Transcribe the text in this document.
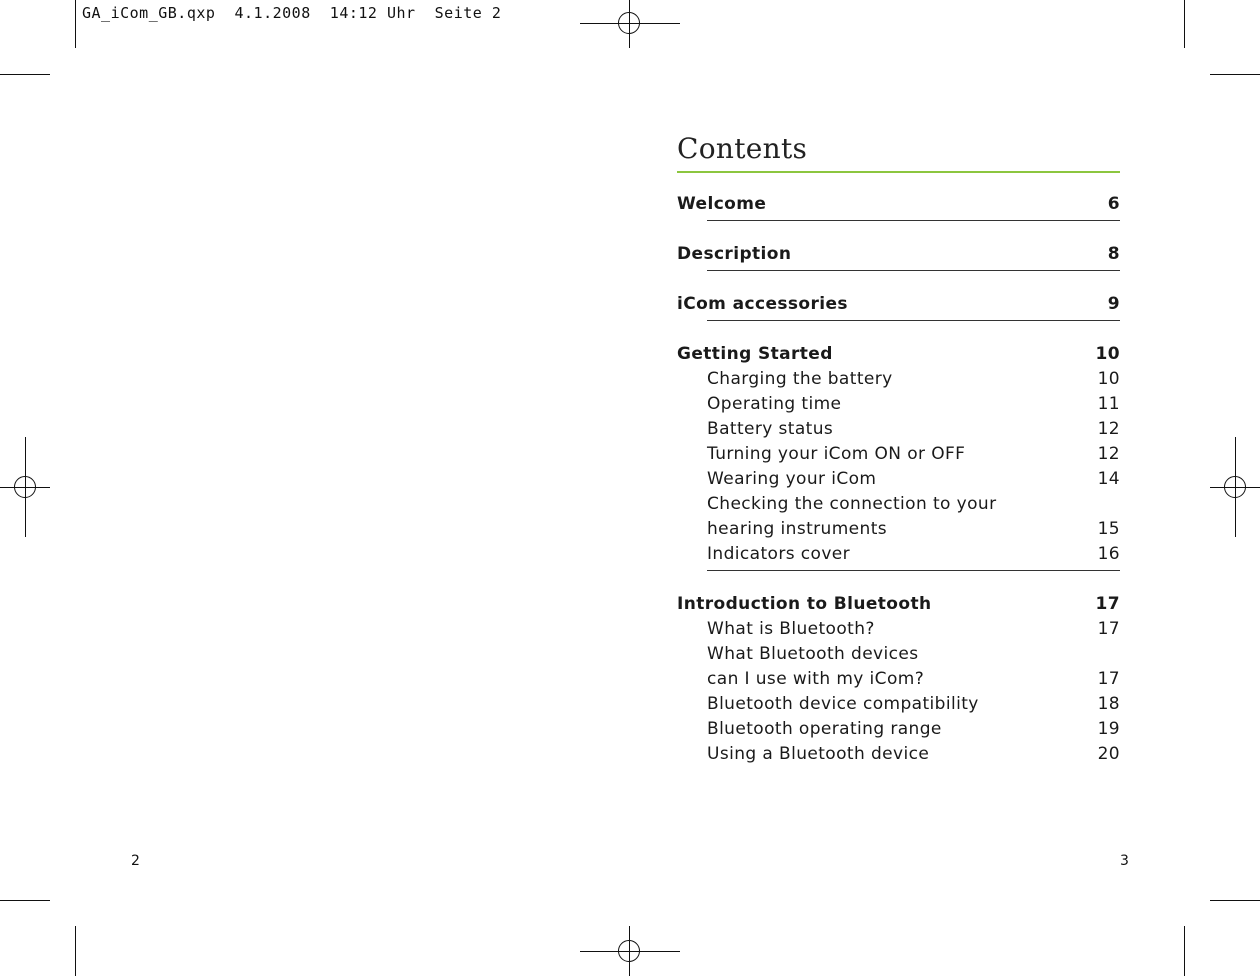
GA_iCom_GB.qxp  4.1.2008  14:12 Uhr  Seite 2
Contents
Welcome	6
Description	8
iCom accessories	9
Getting Started	10
Charging the battery	10
Operating time	11
Battery status	12
Turning your iCom ON or OFF	12
Wearing your iCom	14
Checking the connection to your
hearing instruments	15
Indicators cover	16
Introduction to Bluetooth	17
What is Bluetooth?	17
What Bluetooth devices
can I use with my iCom?	17
Bluetooth device compatibility	18
Bluetooth operating range	19
Using a Bluetooth device	20
2	3
